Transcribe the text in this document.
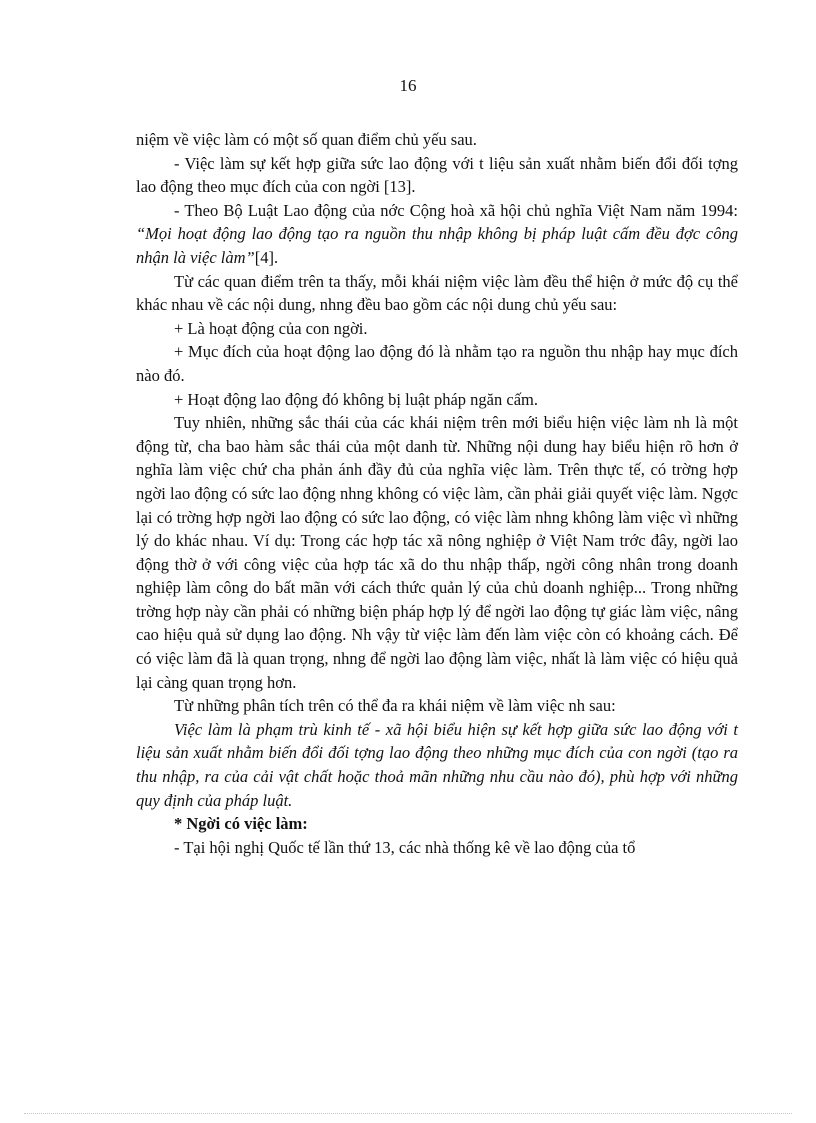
16

niệm về việc làm có một số quan điểm chủ yếu sau.

- Việc làm sự kết hợp giữa sức lao động với t liệu sản xuất nhằm biến đổi đối tợng lao động theo mục đích của con ngời [13].

- Theo Bộ Luật Lao động của nớc Cộng hoà xã hội chủ nghĩa Việt Nam năm 1994: “Mọi hoạt động lao động tạo ra nguồn thu nhập không bị pháp luật cấm đều đợc công nhận là việc làm”[4].

Từ các quan điểm trên ta thấy, mỗi khái niệm việc làm đều thể hiện ở mức độ cụ thể khác nhau về các nội dung, nhng đều bao gồm các nội dung chủ yếu sau:

+ Là hoạt động của con ngời.

+ Mục đích của hoạt động lao động đó là nhằm tạo ra nguồn thu nhập hay mục đích nào đó.

+ Hoạt động lao động đó không bị luật pháp ngăn cấm.

Tuy nhiên, những sắc thái của các khái niệm trên mới biểu hiện việc làm nh là một động từ, cha bao hàm sắc thái của một danh từ. Những nội dung hay biểu hiện rõ hơn ở nghĩa làm việc chứ cha phản ánh đầy đủ của nghĩa việc làm. Trên thực tế, có trờng hợp ngời lao động có sức lao động nhng không có việc làm, cần phải giải quyết việc làm. Ngợc lại có trờng hợp ngời lao động có sức lao động, có việc làm nhng không làm việc vì những lý do khác nhau. Ví dụ: Trong các hợp tác xã nông nghiệp ở Việt Nam trớc đây, ngời lao động thờ ở với công việc của hợp tác xã do thu nhập thấp, ngời công nhân trong doanh nghiệp làm công do bất mãn với cách thức quản lý của chủ doanh nghiệp... Trong những trờng hợp này cần phải có những biện pháp hợp lý để ngời lao động tự giác làm việc, nâng cao hiệu quả sử dụng lao động. Nh vậy từ việc làm đến làm việc còn có khoảng cách. Để có việc làm đã là quan trọng, nhng để ngời lao động làm việc, nhất là làm việc có hiệu quả lại càng quan trọng hơn.

Từ những phân tích trên có thể đa ra khái niệm về làm việc nh sau:

Việc làm là phạm trù kinh tế - xã hội biểu hiện sự kết hợp giữa sức lao động với t liệu sản xuất nhằm biến đổi đối tợng lao động theo những mục đích của con ngời (tạo ra thu nhập, ra của cải vật chất hoặc thoả mãn những nhu cầu nào đó), phù hợp với những quy định của pháp luật.

* Ngời có việc làm:

- Tại hội nghị Quốc tế lần thứ 13, các nhà thống kê về lao động của tổ
